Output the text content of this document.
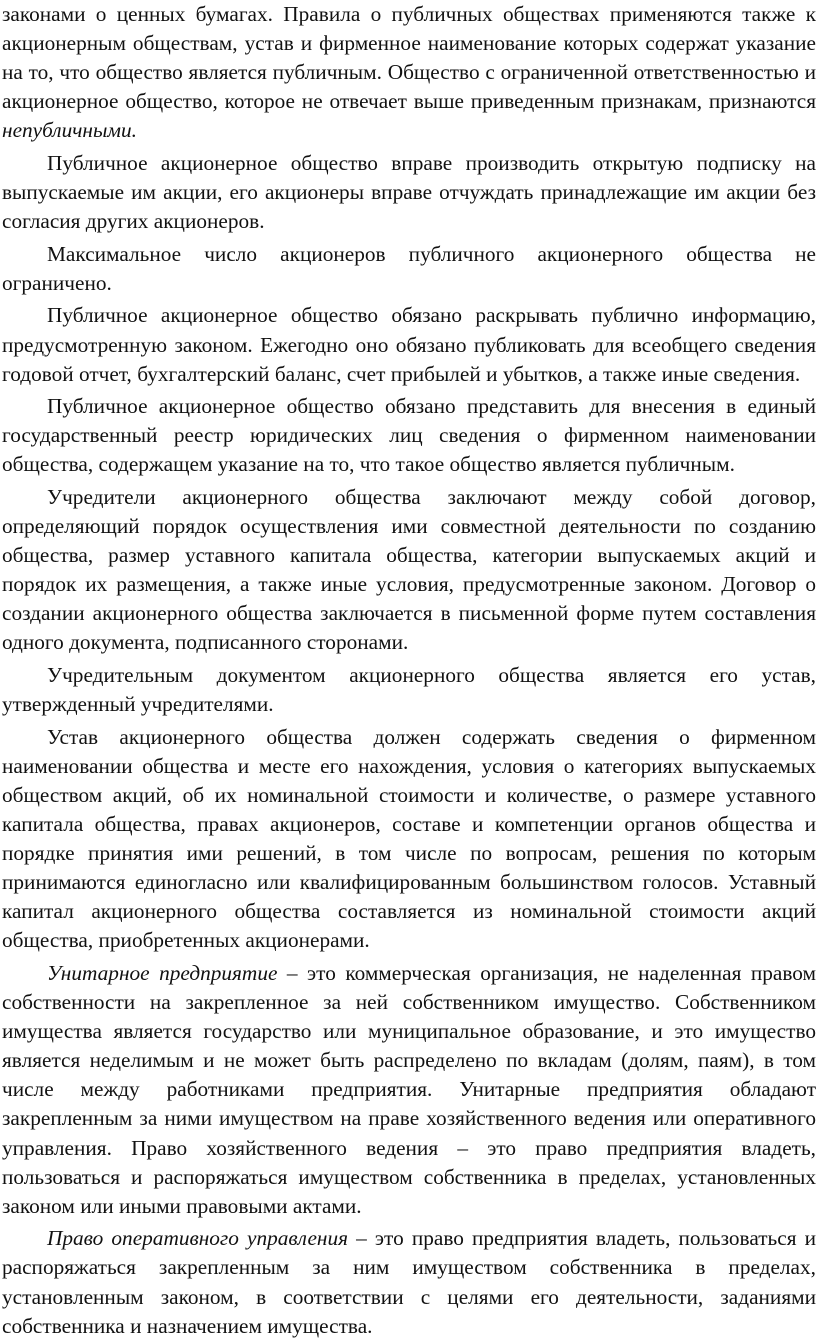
законами о ценных бумагах. Правила о публичных обществах применяются также к акционерным обществам, устав и фирменное наименование которых содержат указание на то, что общество является публичным. Общество с ограниченной ответственностью и акционерное общество, которое не отвечает выше приведенным признакам, признаются непубличными.

Публичное акционерное общество вправе производить открытую подписку на выпускаемые им акции, его акционеры вправе отчуждать принадлежащие им акции без согласия других акционеров.

Максимальное число акционеров публичного акционерного общества не ограничено.

Публичное акционерное общество обязано раскрывать публично информацию, предусмотренную законом. Ежегодно оно обязано публиковать для всеобщего сведения годовой отчет, бухгалтерский баланс, счет прибылей и убытков, а также иные сведения.

Публичное акционерное общество обязано представить для внесения в единый государственный реестр юридических лиц сведения о фирменном наименовании общества, содержащем указание на то, что такое общество является публичным.

Учредители акционерного общества заключают между собой договор, определяющий порядок осуществления ими совместной деятельности по созданию общества, размер уставного капитала общества, категории выпускаемых акций и порядок их размещения, а также иные условия, предусмотренные законом. Договор о создании акционерного общества заключается в письменной форме путем составления одного документа, подписанного сторонами.

Учредительным документом акционерного общества является его устав, утвержденный учредителями.

Устав акционерного общества должен содержать сведения о фирменном наименовании общества и месте его нахождения, условия о категориях выпускаемых обществом акций, об их номинальной стоимости и количестве, о размере уставного капитала общества, правах акционеров, составе и компетенции органов общества и порядке принятия ими решений, в том числе по вопросам, решения по которым принимаются единогласно или квалифицированным большинством голосов. Уставный капитал акционерного общества составляется из номинальной стоимости акций общества, приобретенных акционерами.

Унитарное предприятие – это коммерческая организация, не наделенная правом собственности на закрепленное за ней собственником имущество. Собственником имущества является государство или муниципальное образование, и это имущество является неделимым и не может быть распределено по вкладам (долям, паям), в том числе между работниками предприятия. Унитарные предприятия обладают закрепленным за ними имуществом на праве хозяйственного ведения или оперативного управления. Право хозяйственного ведения – это право предприятия владеть, пользоваться и распоряжаться имуществом собственника в пределах, установленных законом или иными правовыми актами.

Право оперативного управления – это право предприятия владеть, пользоваться и распоряжаться закрепленным за ним имуществом собственника в пределах, установленным законом, в соответствии с целями его деятельности, заданиями собственника и назначением имущества.
